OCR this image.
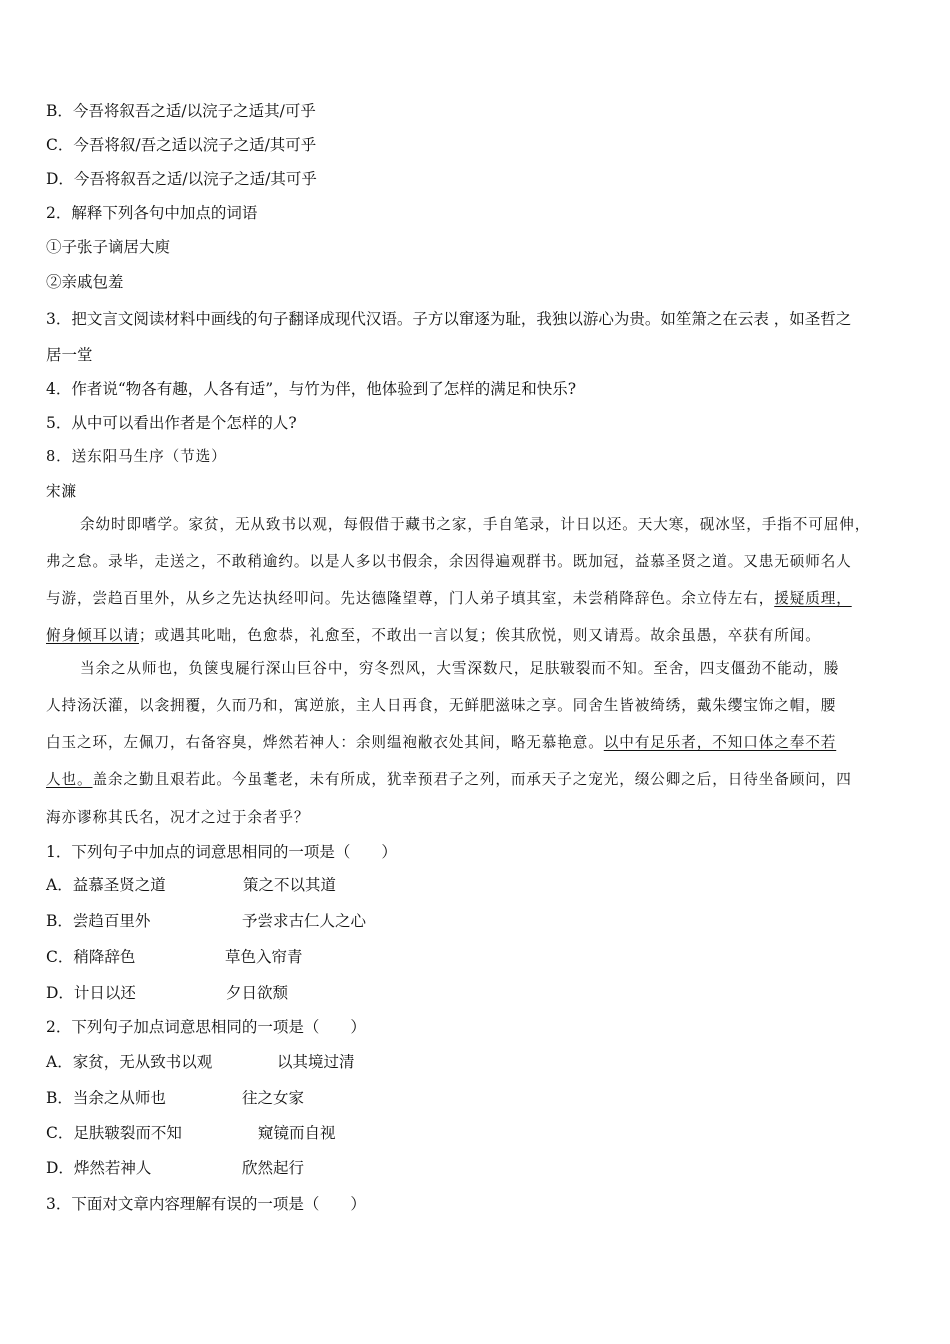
B．今吾将叙吾之适/以浣子之适其/可乎
C．今吾将叙/吾之适以浣子之适/其可乎
D．今吾将叙吾之适/以浣子之适/其可乎
2．解释下列各句中加点的词语
①子张子谪居大庾
②亲戚包羞
3．把文言文阅读材料中画线的句子翻译成现代汉语。子方以窜逐为耻，我独以游心为贵。如笙箫之在云表 ，如圣哲之
居一堂
4．作者说“物各有趣，人各有适”，与竹为伴，他体验到了怎样的满足和快乐?
5．从中可以看出作者是个怎样的人?
8．送东阳马生序（节选）
宋濂
余幼时即嗜学。家贫，无从致书以观，每假借于藏书之家，手自笔录，计日以还。天大寒，砚冰坚，手指不可屈伸，
弗之怠。录毕，走送之，不敢稍逾约。以是人多以书假余，余因得遍观群书。既加冠，益慕圣贤之道。又患无硕师名人
与游，尝趋百里外，从乡之先达执经叩问。先达德隆望尊，门人弟子填其室，未尝稍降辞色。余立侍左右，援疑质理，
俯身倾耳以请；或遇其叱咄，色愈恭，礼愈至，不敢出一言以复；俟其欣悦，则又请焉。故余虽愚，卒获有所闻。
当余之从师也，负箧曳屣行深山巨谷中，穷冬烈风，大雪深数尺，足肤皲裂而不知。至舍，四支僵劲不能动，媵
人持汤沃灌，以衾拥覆，久而乃和，寓逆旅，主人日再食，无鲜肥滋味之享。同舍生皆被绮绣，戴朱缨宝饰之帽，腰
白玉之环，左佩刀，右备容臭，烨然若神人：余则缊袍敝衣处其间，略无慕艳意。以中有足乐者，不知口体之奉不若
人也。盖余之勤且艰若此。今虽耄老，未有所成，犹幸预君子之列，而承天子之宠光，缀公卿之后，日待坐备顾问，四
海亦谬称其氏名，况才之过于余者乎？
1．下列句子中加点的词意思相同的一项是（　　）
A．益慕圣贤之道	策之不以其道
B．尝趋百里外	予尝求古仁人之心
C．稍降辞色	草色入帘青
D．计日以还	夕日欲颓
2．下列句子加点词意思相同的一项是（　　）
A．家贫，无从致书以观	以其境过清
B．当余之从师也	往之女家
C．足肤皲裂而不知	窥镜而自视
D．烨然若神人	欣然起行
3．下面对文章内容理解有误的一项是（　　）
